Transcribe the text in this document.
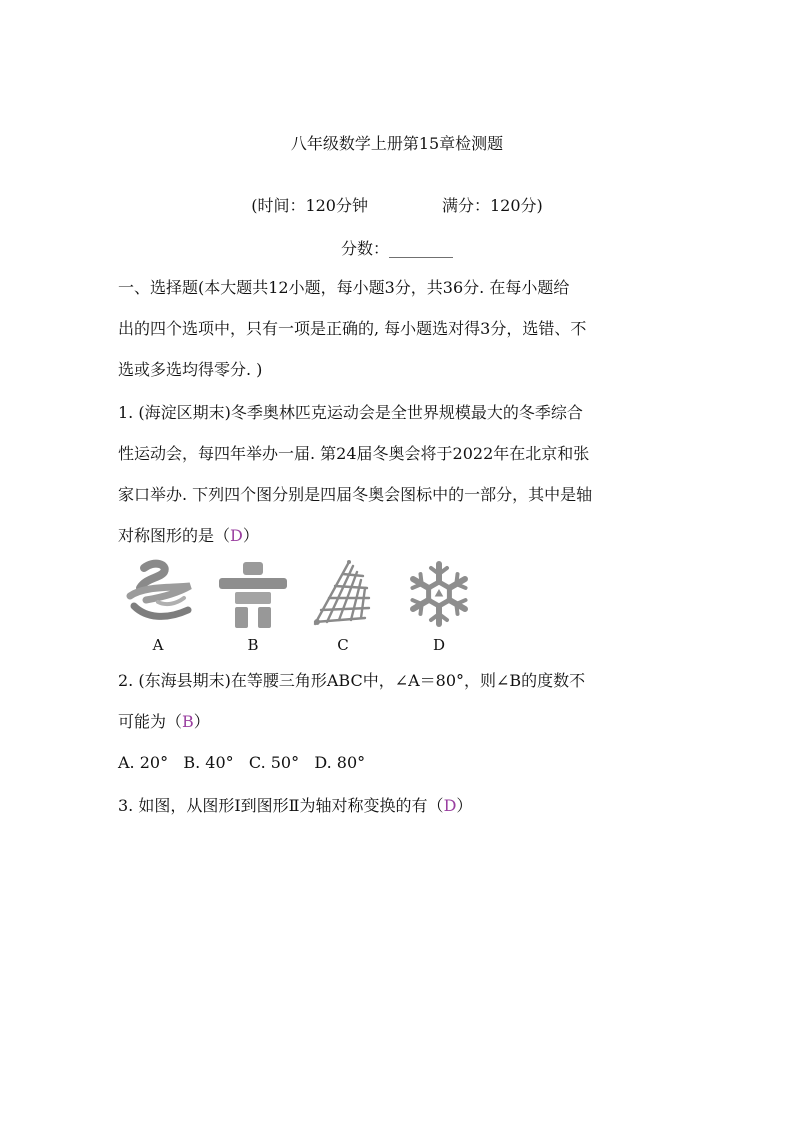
八年级数学上册第15章检测题
(时间：120分钟	满分：120分)
分数：________
一、选择题(本大题共12小题，每小题3分，共36分. 在每小题给
出的四个选项中，只有一项是正确的, 每小题选对得3分，选错、不
选或多选均得零分. )
1. (海淀区期末)冬季奥林匹克运动会是全世界规模最大的冬季综合
性运动会，每四年举办一届. 第24届冬奥会将于2022年在北京和张
家口举办. 下列四个图分别是四届冬奥会图标中的一部分，其中是轴
对称图形的是（D）
A	B	C	D
2. (东海县期末)在等腰三角形ABC中，∠A＝80°，则∠B的度数不
可能为（B）
A. 20°   B. 40°   C. 50°   D. 80°
3. 如图，从图形Ⅰ到图形Ⅱ为轴对称变换的有（D）
